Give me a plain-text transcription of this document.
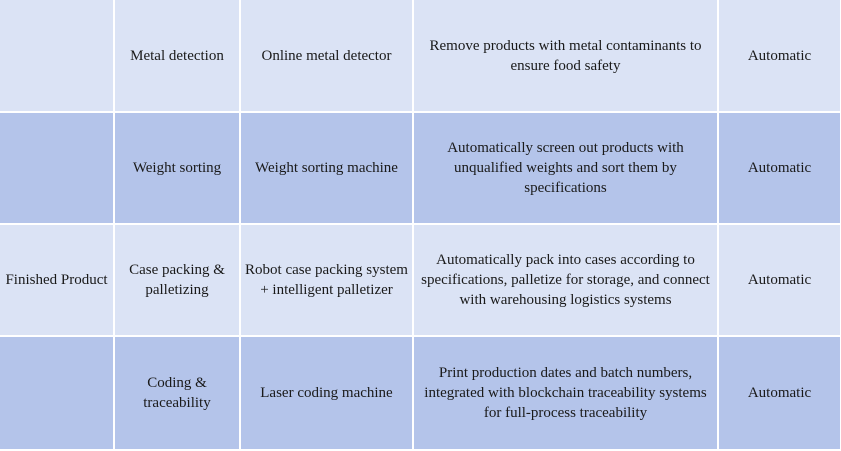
	Metal detection	Online metal detector	Remove products with metal contaminants to ensure food safety	Automatic
	Weight sorting	Weight sorting machine	Automatically screen out products with unqualified weights and sort them by specifications	Automatic
Finished Product	Case packing & palletizing	Robot case packing system + intelligent palletizer	Automatically pack into cases according to specifications, palletize for storage, and connect with warehousing logistics systems	Automatic
	Coding & traceability	Laser coding machine	Print production dates and batch numbers, integrated with blockchain traceability systems for full-process traceability	Automatic
